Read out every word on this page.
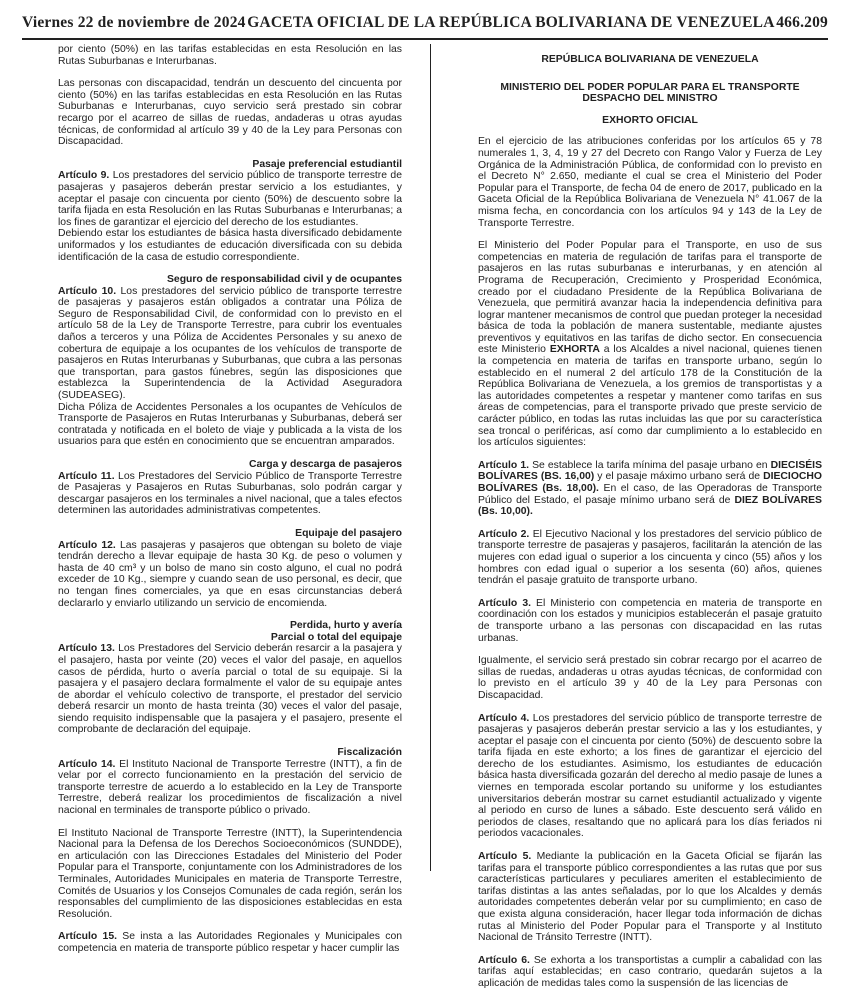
Viernes 22 de noviembre de 2024 GACETA OFICIAL DE LA REPÚBLICA BOLIVARIANA DE VENEZUELA 466.209

por ciento (50%) en las tarifas establecidas en esta Resolución en las Rutas Suburbanas e Interurbanas.

Las personas con discapacidad, tendrán un descuento del cincuenta por ciento (50%) en las tarifas establecidas en esta Resolución en las Rutas Suburbanas e Interurbanas, cuyo servicio será prestado sin cobrar recargo por el acarreo de sillas de ruedas, andaderas u otras ayudas técnicas, de conformidad al artículo 39 y 40 de la Ley para Personas con Discapacidad.

Pasaje preferencial estudiantil

Artículo 9. Los prestadores del servicio público de transporte terrestre de pasajeras y pasajeros deberán prestar servicio a los estudiantes, y aceptar el pasaje con cincuenta por ciento (50%) de descuento sobre la tarifa fijada en esta Resolución en las Rutas Suburbanas e Interurbanas; a los fines de garantizar el ejercicio del derecho de los estudiantes.

Debiendo estar los estudiantes de básica hasta diversificado debidamente uniformados y los estudiantes de educación diversificada con su debida identificación de la casa de estudio correspondiente.

Seguro de responsabilidad civil y de ocupantes

Artículo 10. Los prestadores del servicio público de transporte terrestre de pasajeras y pasajeros están obligados a contratar una Póliza de Seguro de Responsabilidad Civil, de conformidad con lo previsto en el artículo 58 de la Ley de Transporte Terrestre, para cubrir los eventuales daños a terceros y una Póliza de Accidentes Personales y su anexo de cobertura de equipaje a los ocupantes de los vehículos de transporte de pasajeros en Rutas Interurbanas y Suburbanas, que cubra a las personas que transportan, para gastos fúnebres, según las disposiciones que establezca la Superintendencia de la Actividad Aseguradora (SUDEASEG).

Dicha Póliza de Accidentes Personales a los ocupantes de Vehículos de Transporte de Pasajeros en Rutas Interurbanas y Suburbanas, deberá ser contratada y notificada en el boleto de viaje y publicada a la vista de los usuarios para que estén en conocimiento que se encuentran amparados.

Carga y descarga de pasajeros

Artículo 11. Los Prestadores del Servicio Público de Transporte Terrestre de Pasajeras y Pasajeros en Rutas Suburbanas, solo podrán cargar y descargar pasajeros en los terminales a nivel nacional, que a tales efectos determinen las autoridades administrativas competentes.

Equipaje del pasajero

Artículo 12. Las pasajeras y pasajeros que obtengan su boleto de viaje tendrán derecho a llevar equipaje de hasta 30 Kg. de peso o volumen y hasta de 40 cm³ y un bolso de mano sin costo alguno, el cual no podrá exceder de 10 Kg., siempre y cuando sean de uso personal, es decir, que no tengan fines comerciales, ya que en esas circunstancias deberá declararlo y enviarlo utilizando un servicio de encomienda.

Perdida, hurto y avería
Parcial o total del equipaje

Artículo 13. Los Prestadores del Servicio deberán resarcir a la pasajera y el pasajero, hasta por veinte (20) veces el valor del pasaje, en aquellos casos de pérdida, hurto o avería parcial o total de su equipaje. Si la pasajera y el pasajero declara formalmente el valor de su equipaje antes de abordar el vehículo colectivo de transporte, el prestador del servicio deberá resarcir un monto de hasta treinta (30) veces el valor del pasaje, siendo requisito indispensable que la pasajera y el pasajero, presente el comprobante de declaración del equipaje.

Fiscalización

Artículo 14. El Instituto Nacional de Transporte Terrestre (INTT), a fin de velar por el correcto funcionamiento en la prestación del servicio de transporte terrestre de acuerdo a lo establecido en la Ley de Transporte Terrestre, deberá realizar los procedimientos de fiscalización a nivel nacional en terminales de transporte público o privado.

El Instituto Nacional de Transporte Terrestre (INTT), la Superintendencia Nacional para la Defensa de los Derechos Socioeconómicos (SUNDDE), en articulación con las Direcciones Estadales del Ministerio del Poder Popular para el Transporte, conjuntamente con los Administradores de los Terminales, Autoridades Municipales en materia de Transporte Terrestre, Comités de Usuarios y los Consejos Comunales de cada región, serán los responsables del cumplimiento de las disposiciones establecidas en esta Resolución.

Artículo 15. Se insta a las Autoridades Regionales y Municipales con competencia en materia de transporte público respetar y hacer cumplir las

REPÚBLICA BOLIVARIANA DE VENEZUELA
MINISTERIO DEL PODER POPULAR PARA EL TRANSPORTE
DESPACHO DEL MINISTRO
EXHORTO OFICIAL

En el ejercicio de las atribuciones conferidas por los artículos 65 y 78 numerales 1, 3, 4, 19 y 27 del Decreto con Rango Valor y Fuerza de Ley Orgánica de la Administración Pública, de conformidad con lo previsto en el Decreto N° 2.650, mediante el cual se crea el Ministerio del Poder Popular para el Transporte, de fecha 04 de enero de 2017, publicado en la Gaceta Oficial de la República Bolivariana de Venezuela N° 41.067 de la misma fecha, en concordancia con los artículos 94 y 143 de la Ley de Transporte Terrestre.

El Ministerio del Poder Popular para el Transporte, en uso de sus competencias en materia de regulación de tarifas para el transporte de pasajeros en las rutas suburbanas e interurbanas, y en atención al Programa de Recuperación, Crecimiento y Prosperidad Económica, creado por el ciudadano Presidente de la República Bolivariana de Venezuela, que permitirá avanzar hacia la independencia definitiva para lograr mantener mecanismos de control que puedan proteger la necesidad básica de toda la población de manera sustentable, mediante ajustes preventivos y equitativos en las tarifas de dicho sector. En consecuencia este Ministerio EXHORTA a los Alcaldes a nivel nacional, quienes tienen la competencia en materia de tarifas en transporte urbano, según lo establecido en el numeral 2 del artículo 178 de la Constitución de la República Bolivariana de Venezuela, a los gremios de transportistas y a las autoridades competentes a respetar y mantener como tarifas en sus áreas de competencias, para el transporte privado que preste servicio de carácter público, en todas las rutas incluidas las que por su característica sea troncal o periféricas, así como dar cumplimiento a lo establecido en los artículos siguientes:

Artículo 1. Se establece la tarifa mínima del pasaje urbano en DIECISÉIS BOLÍVARES (BS. 16,00) y el pasaje máximo urbano será de DIECIOCHO BOLÍVARES (Bs. 18,00). En el caso, de las Operadoras de Transporte Público del Estado, el pasaje mínimo urbano será de DIEZ BOLÍVARES (Bs. 10,00).

Artículo 2. El Ejecutivo Nacional y los prestadores del servicio público de transporte terrestre de pasajeras y pasajeros, facilitarán la atención de las mujeres con edad igual o superior a los cincuenta y cinco (55) años y los hombres con edad igual o superior a los sesenta (60) años, quienes tendrán el pasaje gratuito de transporte urbano.

Artículo 3. El Ministerio con competencia en materia de transporte en coordinación con los estados y municipios establecerán el pasaje gratuito de transporte urbano a las personas con discapacidad en las rutas urbanas.

Igualmente, el servicio será prestado sin cobrar recargo por el acarreo de sillas de ruedas, andaderas u otras ayudas técnicas, de conformidad con lo previsto en el artículo 39 y 40 de la Ley para Personas con Discapacidad.

Artículo 4. Los prestadores del servicio público de transporte terrestre de pasajeras y pasajeros deberán prestar servicio a las y los estudiantes, y aceptar el pasaje con el cincuenta por ciento (50%) de descuento sobre la tarifa fijada en este exhorto; a los fines de garantizar el ejercicio del derecho de los estudiantes. Asimismo, los estudiantes de educación básica hasta diversificada gozarán del derecho al medio pasaje de lunes a viernes en temporada escolar portando su uniforme y los estudiantes universitarios deberán mostrar su carnet estudiantil actualizado y vigente al periodo en curso de lunes a sábado. Este descuento será válido en periodos de clases, resaltando que no aplicará para los días feriados ni periodos vacacionales.

Artículo 5. Mediante la publicación en la Gaceta Oficial se fijarán las tarifas para el transporte público correspondientes a las rutas que por sus características particulares y peculiares ameriten el establecimiento de tarifas distintas a las antes señaladas, por lo que los Alcaldes y demás autoridades competentes deberán velar por su cumplimiento; en caso de que exista alguna consideración, hacer llegar toda información de dichas rutas al Ministerio del Poder Popular para el Transporte y al Instituto Nacional de Tránsito Terrestre (INTT).

Artículo 6. Se exhorta a los transportistas a cumplir a cabalidad con las tarifas aquí establecidas; en caso contrario, quedarán sujetos a la aplicación de medidas tales como la suspensión de las licencias de
